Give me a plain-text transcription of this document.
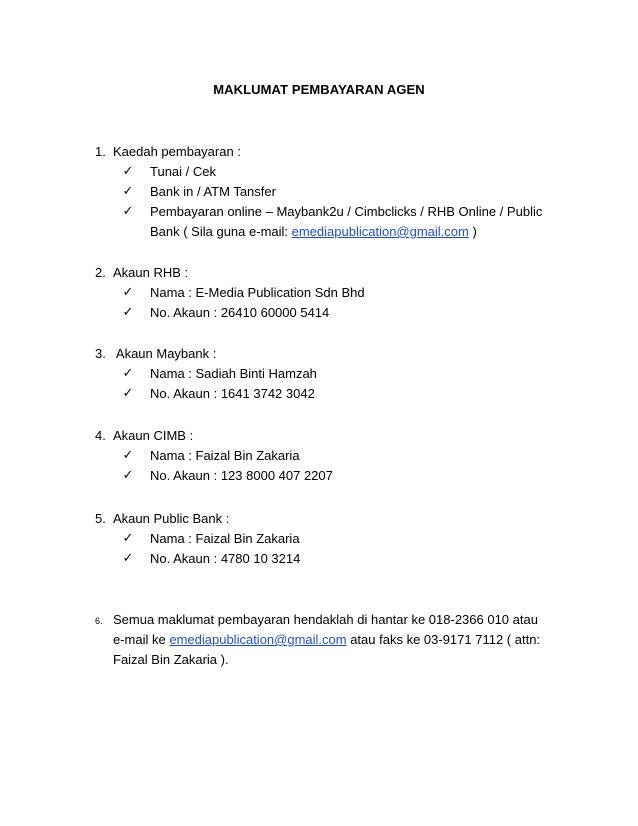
MAKLUMAT PEMBAYARAN AGEN
1. Kaedah pembayaran :
✓	Tunai / Cek
✓	Bank in / ATM Tansfer
✓	Pembayaran online – Maybank2u / Cimbclicks / RHB Online / Public
Bank ( Sila guna e-mail: emediapublication@gmail.com )
2. Akaun RHB :
✓	Nama : E-Media Publication Sdn Bhd
✓	No. Akaun : 26410 60000 5414
3. Akaun Maybank :
✓	Nama : Sadiah Binti Hamzah
✓	No. Akaun : 1641 3742 3042
4. Akaun CIMB :
✓	Nama : Faizal Bin Zakaria
✓	No. Akaun : 123 8000 407 2207
5. Akaun Public Bank :
✓	Nama : Faizal Bin Zakaria
✓	No. Akaun : 4780 10 3214
6. Semua maklumat pembayaran hendaklah di hantar ke 018-2366 010 atau
e-mail ke emediapublication@gmail.com atau faks ke 03-9171 7112 ( attn:
Faizal Bin Zakaria ).
